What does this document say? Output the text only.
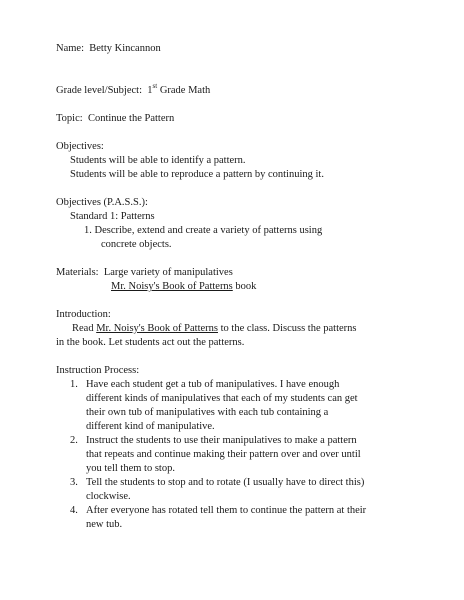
Name: Betty Kincannon
Grade level/Subject: 1st Grade Math
Topic: Continue the Pattern
Objectives:
Students will be able to identify a pattern.
Students will be able to reproduce a pattern by continuing it.
Objectives (P.A.S.S.):
Standard 1: Patterns
1. Describe, extend and create a variety of patterns using
concrete objects.
Materials: Large variety of manipulatives
Mr. Noisy's Book of Patterns book
Introduction:
Read Mr. Noisy's Book of Patterns to the class. Discuss the patterns
in the book. Let students act out the patterns.
Instruction Process:
1. Have each student get a tub of manipulatives. I have enough
different kinds of manipulatives that each of my students can get
their own tub of manipulatives with each tub containing a
different kind of manipulative.
2. Instruct the students to use their manipulatives to make a pattern
that repeats and continue making their pattern over and over until
you tell them to stop.
3. Tell the students to stop and to rotate (I usually have to direct this)
clockwise.
4. After everyone has rotated tell them to continue the pattern at their
new tub.
